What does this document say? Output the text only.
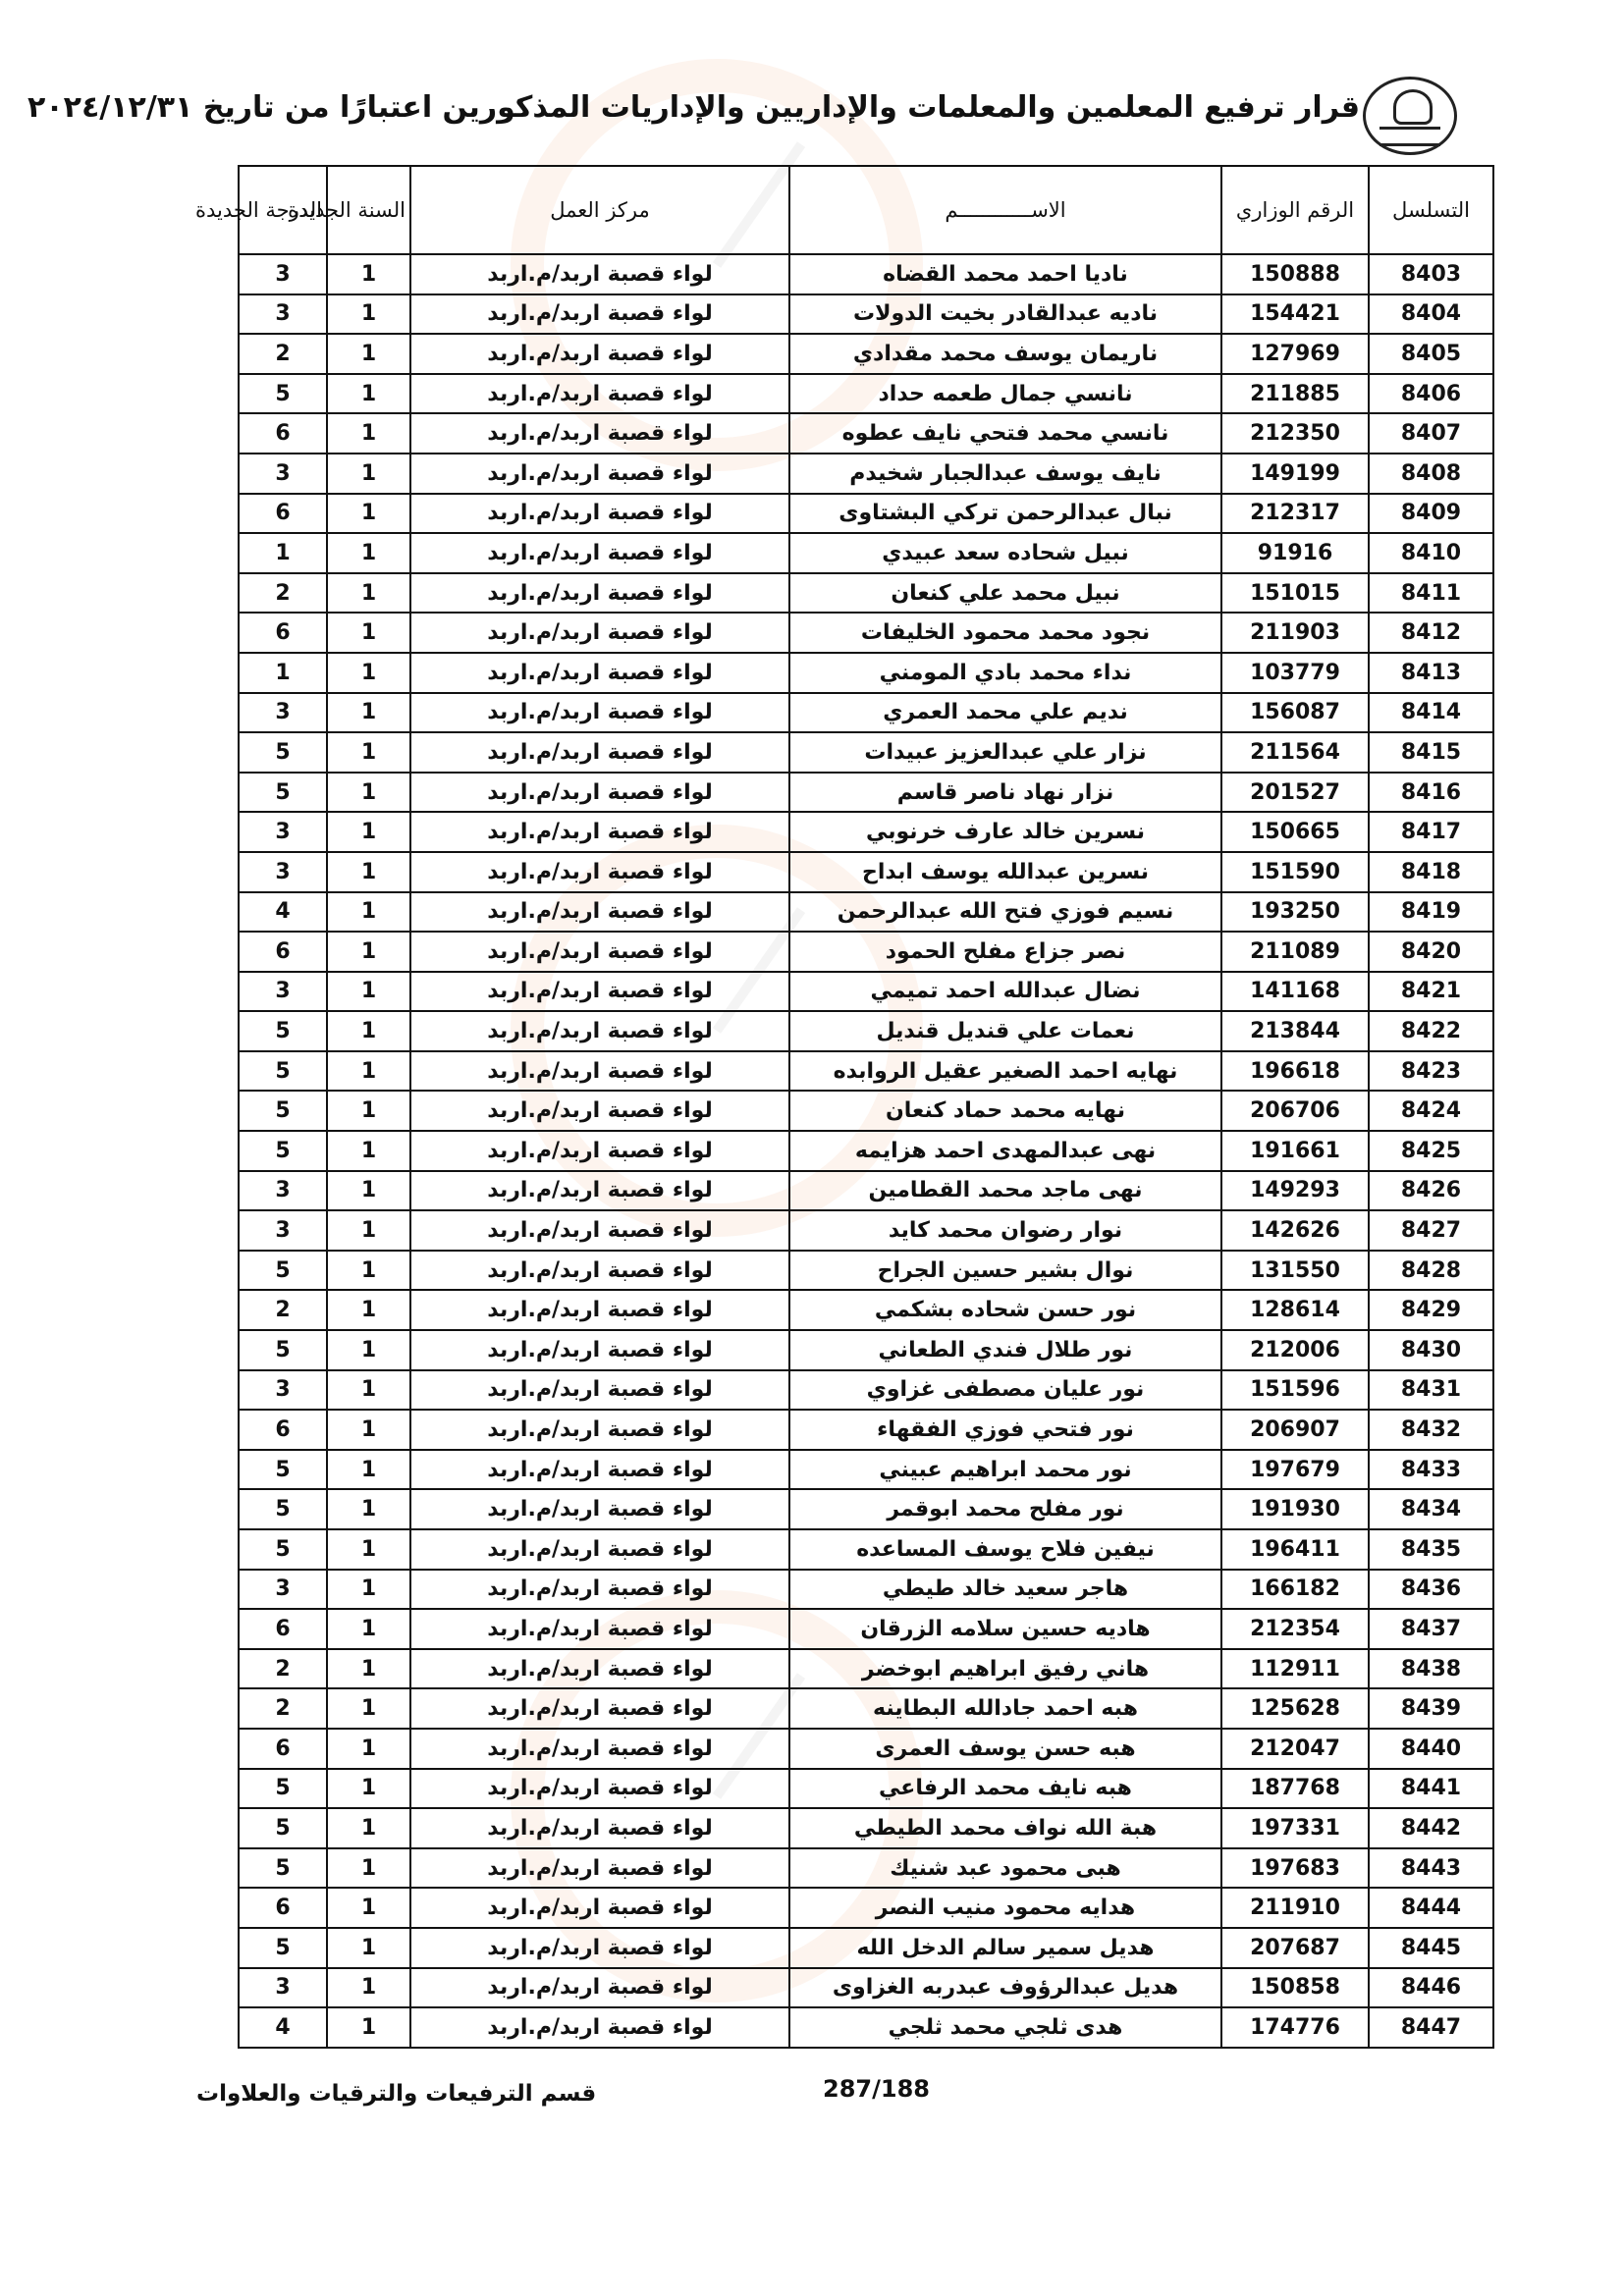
قرار ترفيع المعلمين والمعلمات والإداريين والإداريات المذكورين اعتبارًا من تاريخ ٢٠٢٤/١٢/٣١
التسلسل	الرقم الوزاري	الاســــــــــــم	مركز العمل	السنة الجديدة	الدرجة الجديدة
8403	150888	ناديا احمد محمد القضاه	لواء قصبة اربد/م.اربد	1	3
8404	154421	ناديه عبدالقادر بخيت الدولات	لواء قصبة اربد/م.اربد	1	3
8405	127969	ناريمان يوسف محمد مقدادي	لواء قصبة اربد/م.اربد	1	2
8406	211885	نانسي جمال طعمه حداد	لواء قصبة اربد/م.اربد	1	5
8407	212350	نانسي محمد فتحي نايف عطوه	لواء قصبة اربد/م.اربد	1	6
8408	149199	نايف يوسف عبدالجبار شخيدم	لواء قصبة اربد/م.اربد	1	3
8409	212317	نبال عبدالرحمن تركي البشتاوى	لواء قصبة اربد/م.اربد	1	6
8410	91916	نبيل شحاده سعد عبيدي	لواء قصبة اربد/م.اربد	1	1
8411	151015	نبيل محمد علي كنعان	لواء قصبة اربد/م.اربد	1	2
8412	211903	نجود محمد محمود الخليفات	لواء قصبة اربد/م.اربد	1	6
8413	103779	نداء محمد بادي المومني	لواء قصبة اربد/م.اربد	1	1
8414	156087	نديم علي محمد العمري	لواء قصبة اربد/م.اربد	1	3
8415	211564	نزار علي عبدالعزيز عبيدات	لواء قصبة اربد/م.اربد	1	5
8416	201527	نزار نهاد ناصر قاسم	لواء قصبة اربد/م.اربد	1	5
8417	150665	نسرين خالد عارف خرنوبي	لواء قصبة اربد/م.اربد	1	3
8418	151590	نسرين عبدالله يوسف ابداح	لواء قصبة اربد/م.اربد	1	3
8419	193250	نسيم فوزي فتح الله عبدالرحمن	لواء قصبة اربد/م.اربد	1	4
8420	211089	نصر جزاع مفلح الحمود	لواء قصبة اربد/م.اربد	1	6
8421	141168	نضال عبدالله احمد تميمي	لواء قصبة اربد/م.اربد	1	3
8422	213844	نعمات علي قنديل قنديل	لواء قصبة اربد/م.اربد	1	5
8423	196618	نهايه احمد الصغير عقيل الروابده	لواء قصبة اربد/م.اربد	1	5
8424	206706	نهايه محمد حماد كنعان	لواء قصبة اربد/م.اربد	1	5
8425	191661	نهى عبدالمهدى احمد هزايمه	لواء قصبة اربد/م.اربد	1	5
8426	149293	نهى ماجد محمد القطامين	لواء قصبة اربد/م.اربد	1	3
8427	142626	نوار رضوان محمد كايد	لواء قصبة اربد/م.اربد	1	3
8428	131550	نوال بشير حسين الجراح	لواء قصبة اربد/م.اربد	1	5
8429	128614	نور حسن شحاده بشكمي	لواء قصبة اربد/م.اربد	1	2
8430	212006	نور طلال فندي الطعاني	لواء قصبة اربد/م.اربد	1	5
8431	151596	نور عليان مصطفى غزاوي	لواء قصبة اربد/م.اربد	1	3
8432	206907	نور فتحي فوزي الفقهاء	لواء قصبة اربد/م.اربد	1	6
8433	197679	نور محمد ابراهيم عبيني	لواء قصبة اربد/م.اربد	1	5
8434	191930	نور مفلح محمد ابوقمر	لواء قصبة اربد/م.اربد	1	5
8435	196411	نيفين فلاح يوسف المساعده	لواء قصبة اربد/م.اربد	1	5
8436	166182	هاجر سعيد خالد طيطي	لواء قصبة اربد/م.اربد	1	3
8437	212354	هاديه حسين سلامه الزرقان	لواء قصبة اربد/م.اربد	1	6
8438	112911	هاني رفيق ابراهيم ابوخضر	لواء قصبة اربد/م.اربد	1	2
8439	125628	هبه احمد جادالله البطاينه	لواء قصبة اربد/م.اربد	1	2
8440	212047	هبه حسن يوسف العمرى	لواء قصبة اربد/م.اربد	1	6
8441	187768	هبه نايف محمد الرفاعي	لواء قصبة اربد/م.اربد	1	5
8442	197331	هبة الله نواف محمد الطيطي	لواء قصبة اربد/م.اربد	1	5
8443	197683	هبى محمود عبد شنيك	لواء قصبة اربد/م.اربد	1	5
8444	211910	هدايه محمود منيب النصر	لواء قصبة اربد/م.اربد	1	6
8445	207687	هديل سمير سالم الدخل الله	لواء قصبة اربد/م.اربد	1	5
8446	150858	هديل عبدالرؤوف عبدربه الغزاوى	لواء قصبة اربد/م.اربد	1	3
8447	174776	هدى ثلجي محمد ثلجي	لواء قصبة اربد/م.اربد	1	4
قسم الترفيعات والترقيات والعلاوات	287/188
